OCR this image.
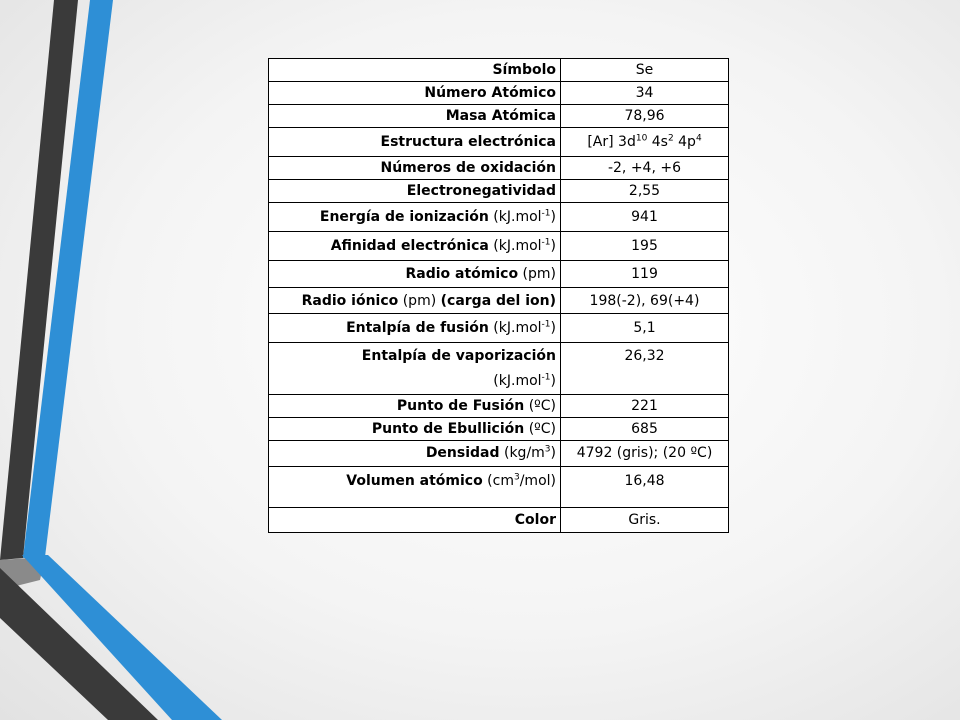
Símbolo	Se
Número Atómico	34
Masa Atómica	78,96
Estructura electrónica	[Ar] $3d^{10}$ $4s^2$ $4p^4$
Números de oxidación	-2, +4, +6
Electronegatividad	2,55
Energía de ionización (kJ.mol$^{-1}$)	941
Afinidad electrónica (kJ.mol$^{-1}$)	195
Radio atómico (pm)	119
Radio iónico (pm) (carga del ion)	198(-2), 69(+4)
Entalpía de fusión (kJ.mol$^{-1}$)	5,1
Entalpía de vaporización
(kJ.mol$^{-1}$)	26,32
Punto de Fusión (ºC)	221
Punto de Ebullición (ºC)	685
Densidad $(kg/m^3)$	4792 (gris); (20 ºC)
Volumen atómico $(cm^3/mol)$	16,48
Color	Gris.
